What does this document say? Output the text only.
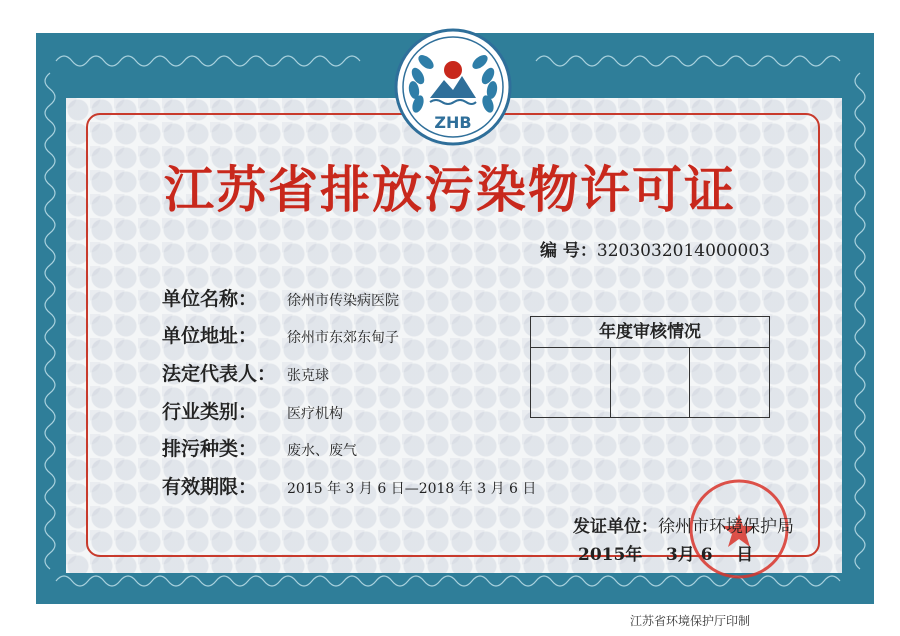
ZHB
江苏省排放污染物许可证
编 号：3203032014000003
单位名称： 徐州市传染病医院
单位地址： 徐州市东郊东甸子
法定代表人： 张克球
行业类别： 医疗机构
排污种类： 废水、废气
有效期限： 2015 年 3 月 6 日—2018 年 3 月 6 日
年度审核情况
发证单位：徐州市环境保护局
2015年    3月 6    日
江苏省环境保护厅印制
